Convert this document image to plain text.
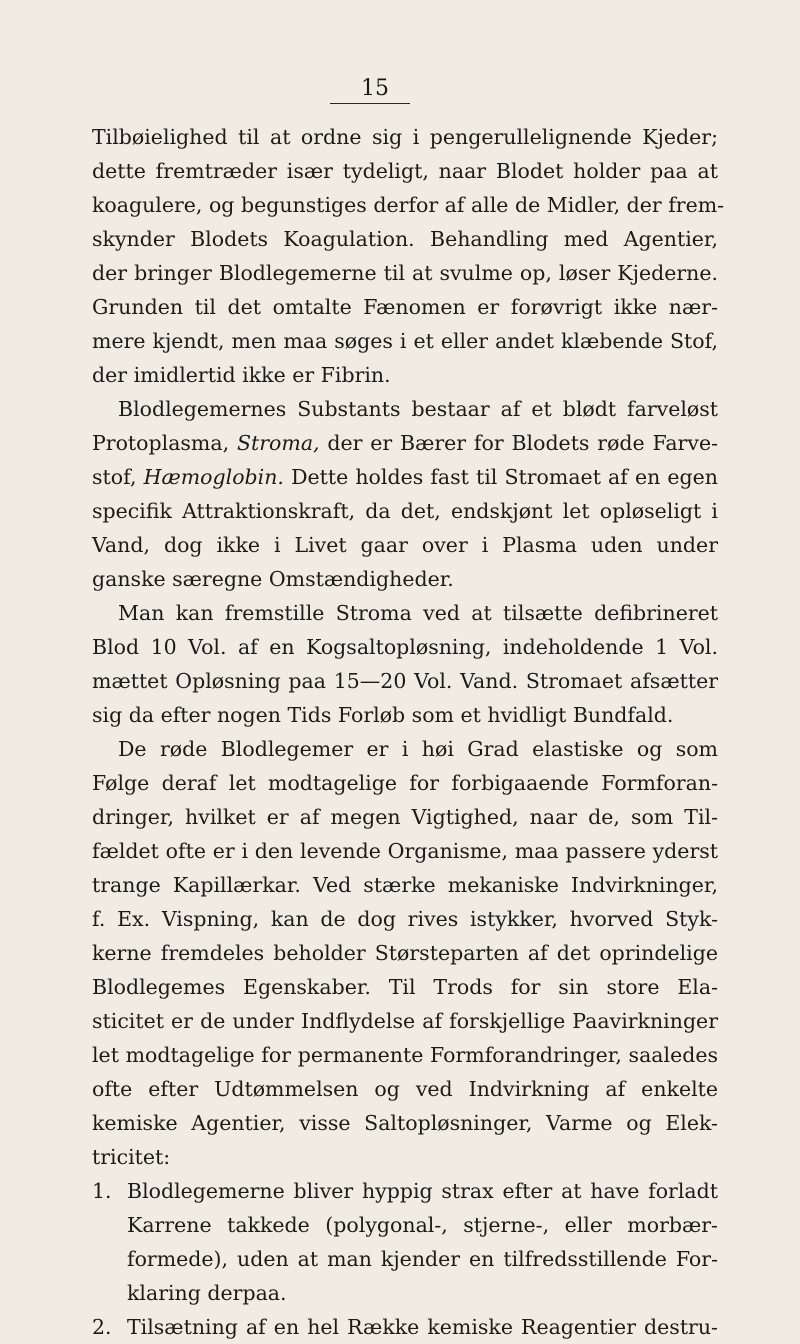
15
Tilbøielighed til at ordne sig i pengerullelignende Kjeder;
dette fremtræder især tydeligt, naar Blodet holder paa at
koagulere, og begunstiges derfor af alle de Midler, der frem-
skynder Blodets Koagulation. Behandling med Agentier,
der bringer Blodlegemerne til at svulme op, løser Kjederne.
Grunden til det omtalte Fænomen er forøvrigt ikke nær-
mere kjendt, men maa søges i et eller andet klæbende Stof,
der imidlertid ikke er Fibrin.
Blodlegemernes Substants bestaar af et blødt farveløst
Protoplasma, Stroma, der er Bærer for Blodets røde Farve-
stof, Hæmoglobin. Dette holdes fast til Stromaet af en egen
specifik Attraktionskraft, da det, endskjønt let opløseligt i
Vand, dog ikke i Livet gaar over i Plasma uden under
ganske særegne Omstændigheder.
Man kan fremstille Stroma ved at tilsætte defibrineret
Blod 10 Vol. af en Kogsaltopløsning, indeholdende 1 Vol.
mættet Opløsning paa 15—20 Vol. Vand. Stromaet afsætter
sig da efter nogen Tids Forløb som et hvidligt Bundfald.
De røde Blodlegemer er i høi Grad elastiske og som
Følge deraf let modtagelige for forbigaaende Formforan-
dringer, hvilket er af megen Vigtighed, naar de, som Til-
fældet ofte er i den levende Organisme, maa passere yderst
trange Kapillærkar. Ved stærke mekaniske Indvirkninger,
f. Ex. Vispning, kan de dog rives istykker, hvorved Styk-
kerne fremdeles beholder Størsteparten af det oprindelige
Blodlegemes Egenskaber. Til Trods for sin store Ela-
sticitet er de under Indflydelse af forskjellige Paavirkninger
let modtagelige for permanente Formforandringer, saaledes
ofte efter Udtømmelsen og ved Indvirkning af enkelte
kemiske Agentier, visse Saltopløsninger, Varme og Elek-
tricitet:
1. Blodlegemerne bliver hyppig strax efter at have forladt
Karrene takkede (polygonal-, stjerne-, eller morbær-
formede), uden at man kjender en tilfredsstillende For-
klaring derpaa.
2. Tilsætning af en hel Række kemiske Reagentier destru-
